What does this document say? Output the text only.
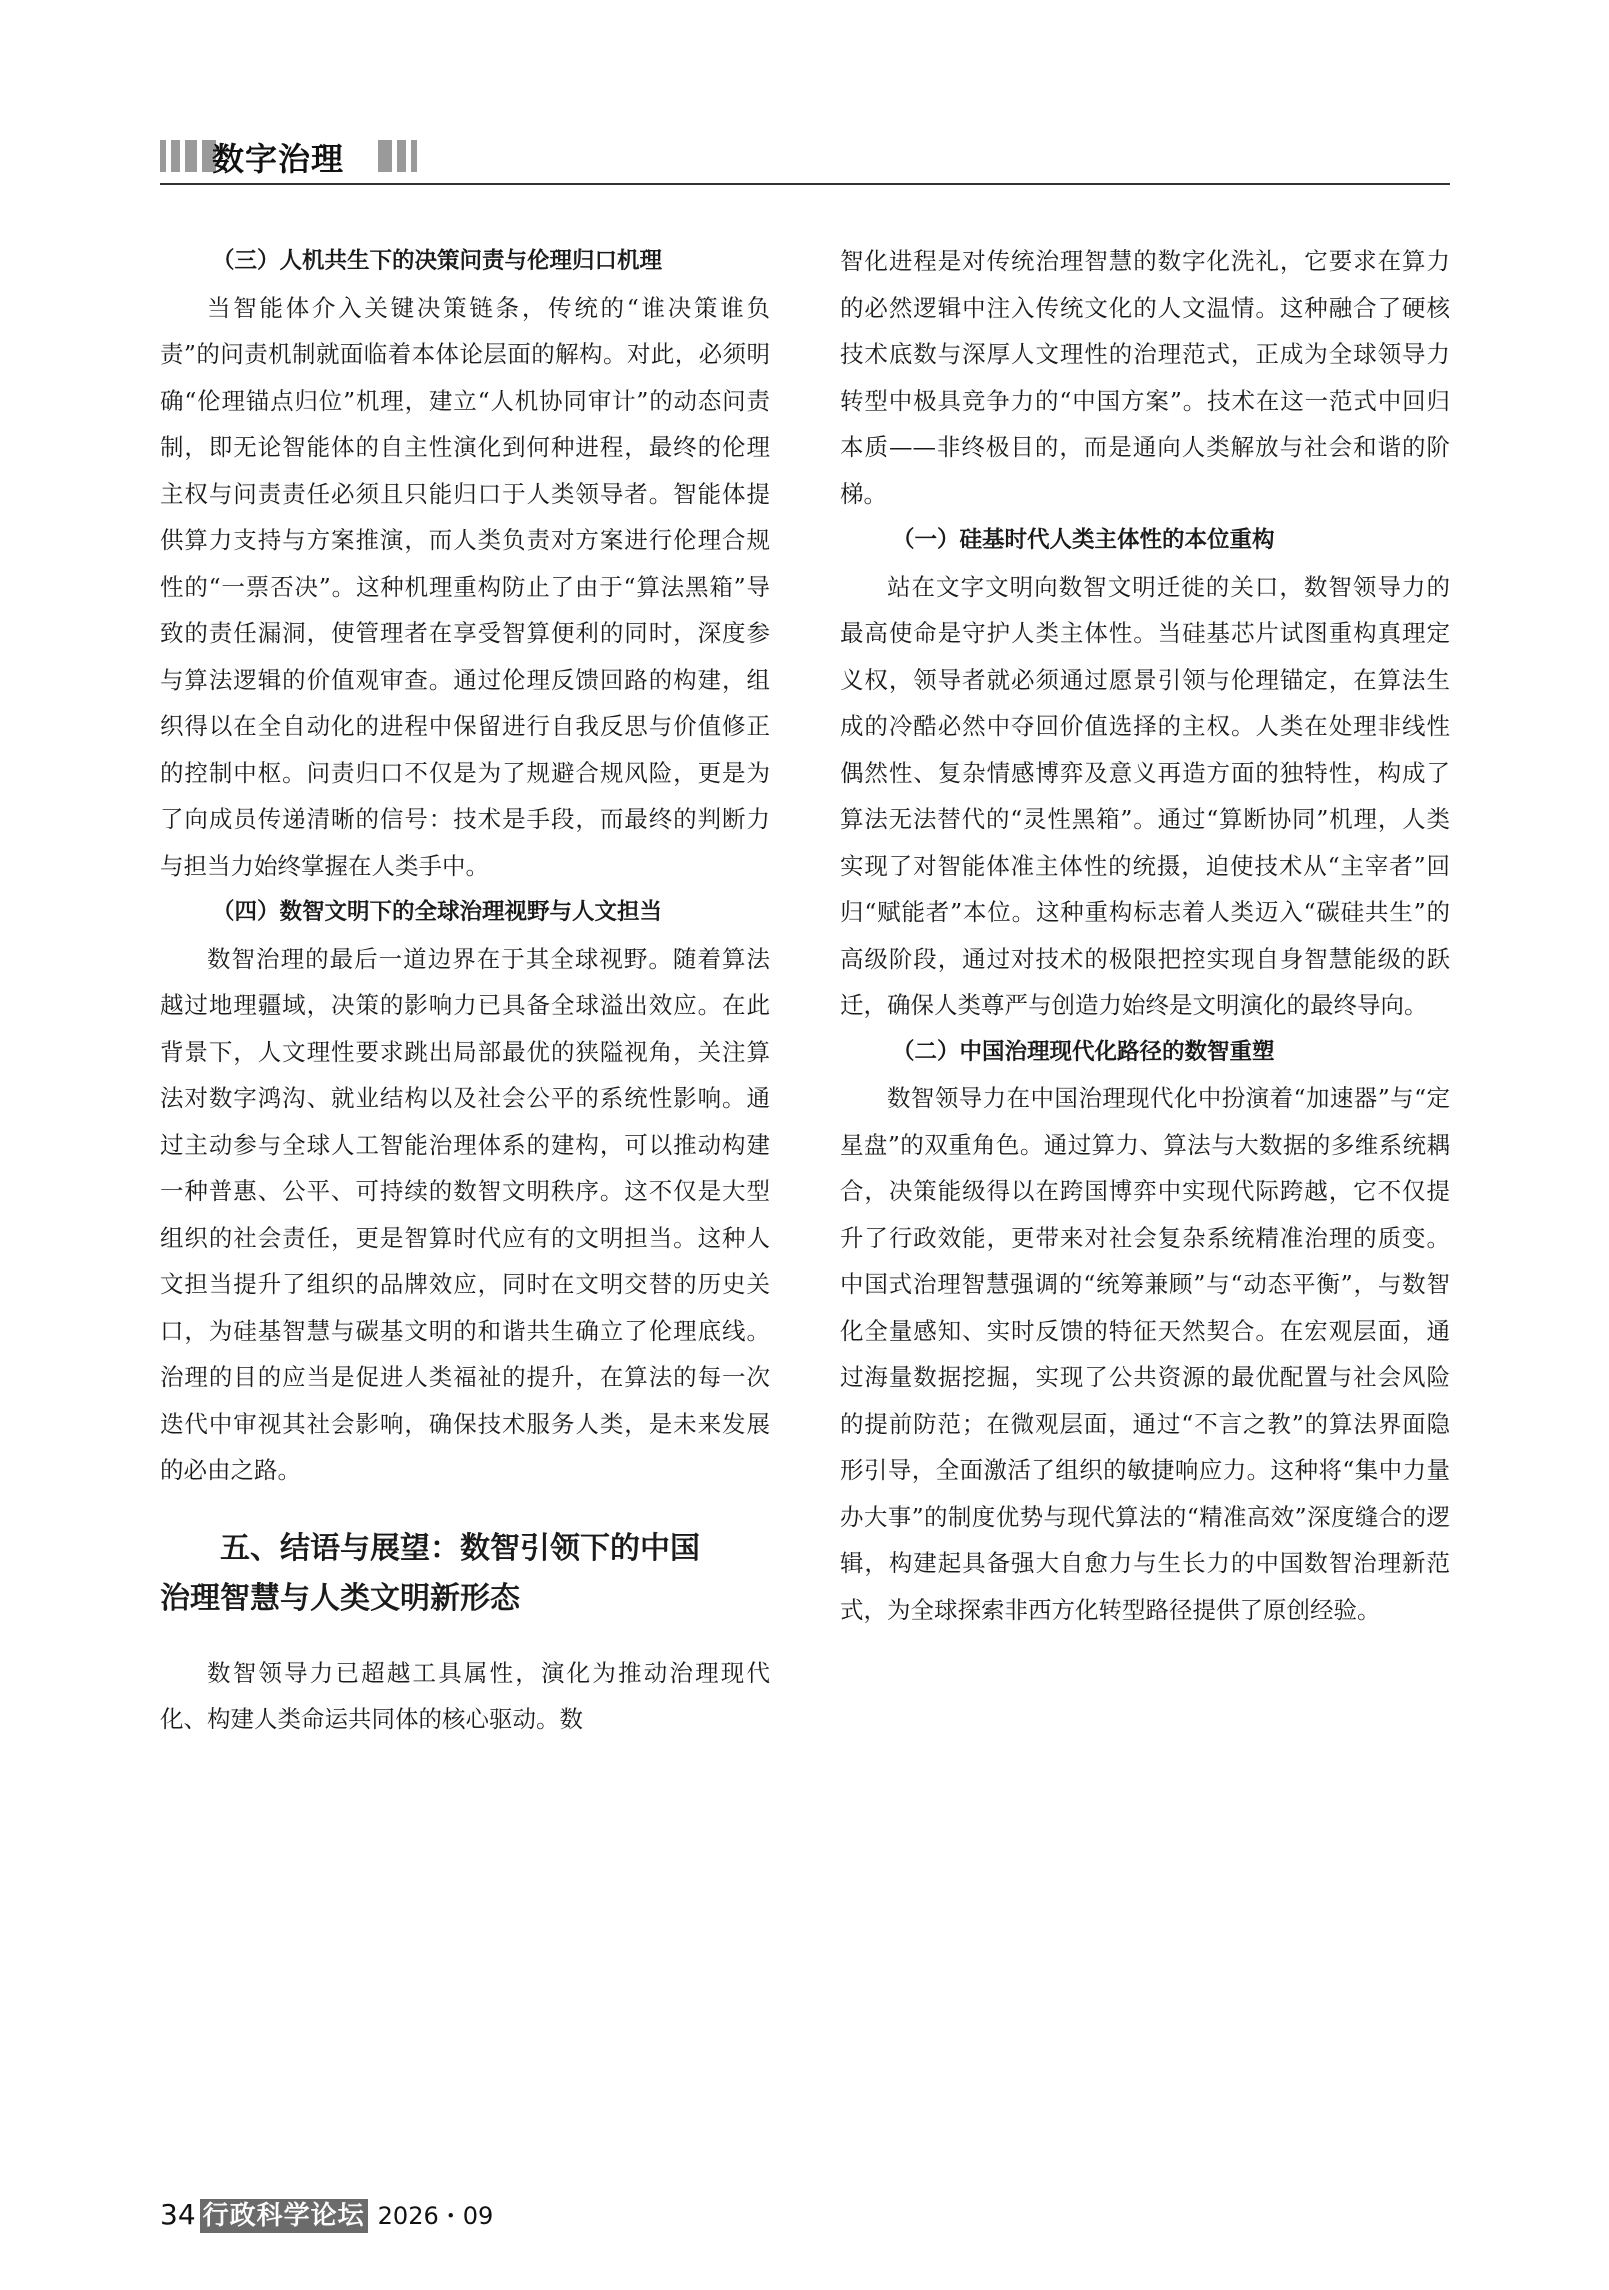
数字治理

（三）人机共生下的决策问责与伦理归口机理

当智能体介入关键决策链条，传统的“谁决策谁负责”的问责机制就面临着本体论层面的解构。对此，必须明确“伦理锚点归位”机理，建立“人机协同审计”的动态问责制，即无论智能体的自主性演化到何种进程，最终的伦理主权与问责责任必须且只能归口于人类领导者。智能体提供算力支持与方案推演，而人类负责对方案进行伦理合规性的“一票否决”。这种机理重构防止了由于“算法黑箱”导致的责任漏洞，使管理者在享受智算便利的同时，深度参与算法逻辑的价值观审查。通过伦理反馈回路的构建，组织得以在全自动化的进程中保留进行自我反思与价值修正的控制中枢。问责归口不仅是为了规避合规风险，更是为了向成员传递清晰的信号：技术是手段，而最终的判断力与担当力始终掌握在人类手中。

（四）数智文明下的全球治理视野与人文担当

数智治理的最后一道边界在于其全球视野。随着算法越过地理疆域，决策的影响力已具备全球溢出效应。在此背景下，人文理性要求跳出局部最优的狭隘视角，关注算法对数字鸿沟、就业结构以及社会公平的系统性影响。通过主动参与全球人工智能治理体系的建构，可以推动构建一种普惠、公平、可持续的数智文明秩序。这不仅是大型组织的社会责任，更是智算时代应有的文明担当。这种人文担当提升了组织的品牌效应，同时在文明交替的历史关口，为硅基智慧与碳基文明的和谐共生确立了伦理底线。治理的目的应当是促进人类福祉的提升，在算法的每一次迭代中审视其社会影响，确保技术服务人类，是未来发展的必由之路。

五、结语与展望：数智引领下的中国
治理智慧与人类文明新形态

数智领导力已超越工具属性，演化为推动治理现代化、构建人类命运共同体的核心驱动。数

智化进程是对传统治理智慧的数字化洗礼，它要求在算力的必然逻辑中注入传统文化的人文温情。这种融合了硬核技术底数与深厚人文理性的治理范式，正成为全球领导力转型中极具竞争力的“中国方案”。技术在这一范式中回归本质——非终极目的，而是通向人类解放与社会和谐的阶梯。

（一）硅基时代人类主体性的本位重构

站在文字文明向数智文明迁徙的关口，数智领导力的最高使命是守护人类主体性。当硅基芯片试图重构真理定义权，领导者就必须通过愿景引领与伦理锚定，在算法生成的冷酷必然中夺回价值选择的主权。人类在处理非线性偶然性、复杂情感博弈及意义再造方面的独特性，构成了算法无法替代的“灵性黑箱”。通过“算断协同”机理，人类实现了对智能体准主体性的统摄，迫使技术从“主宰者”回归“赋能者”本位。这种重构标志着人类迈入“碳硅共生”的高级阶段，通过对技术的极限把控实现自身智慧能级的跃迁，确保人类尊严与创造力始终是文明演化的最终导向。

（二）中国治理现代化路径的数智重塑

数智领导力在中国治理现代化中扮演着“加速器”与“定星盘”的双重角色。通过算力、算法与大数据的多维系统耦合，决策能级得以在跨国博弈中实现代际跨越，它不仅提升了行政效能，更带来对社会复杂系统精准治理的质变。中国式治理智慧强调的“统筹兼顾”与“动态平衡”，与数智化全量感知、实时反馈的特征天然契合。在宏观层面，通过海量数据挖掘，实现了公共资源的最优配置与社会风险的提前防范；在微观层面，通过“不言之教”的算法界面隐形引导，全面激活了组织的敏捷响应力。这种将“集中力量办大事”的制度优势与现代算法的“精准高效”深度缝合的逻辑，构建起具备强大自愈力与生长力的中国数智治理新范式，为全球探索非西方化转型路径提供了原创经验。

34 行政科学论坛 2026・09
